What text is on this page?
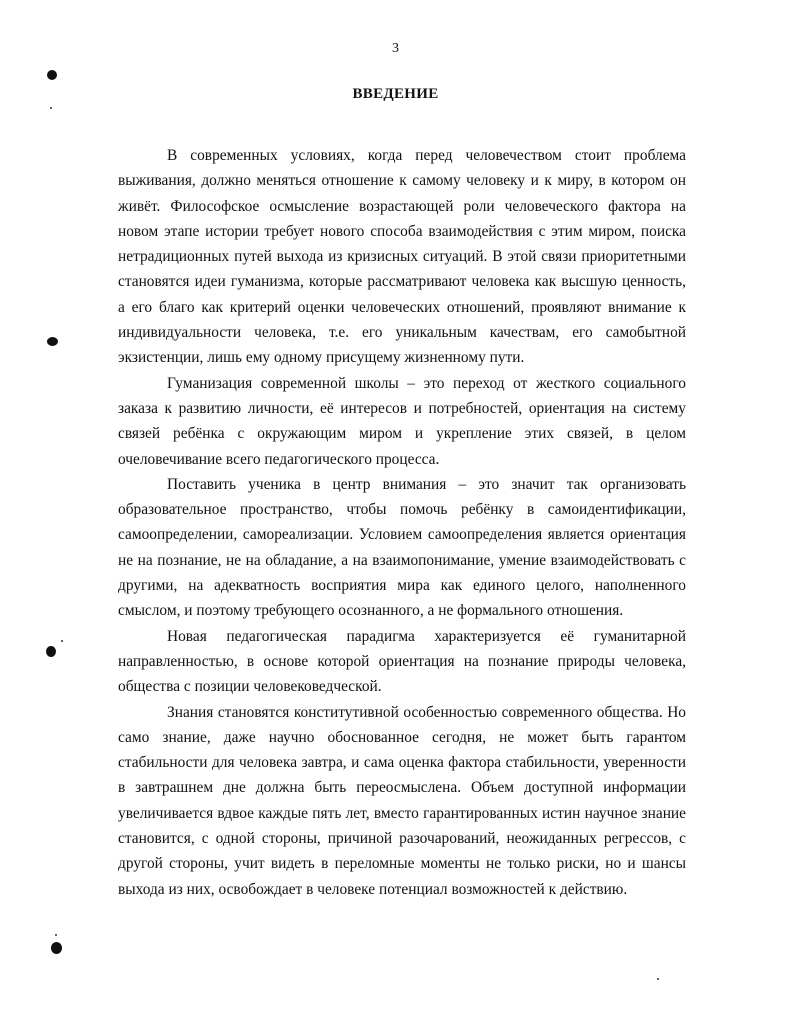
3
ВВЕДЕНИЕ

В современных условиях, когда перед человечеством стоит проблема выживания, должно меняться отношение к самому человеку и к миру, в котором он живёт. Философское осмысление возрастающей роли человеческого фактора на новом этапе истории требует нового способа взаимодействия с этим миром, поиска нетрадиционных путей выхода из кризисных ситуаций. В этой связи приоритетными становятся идеи гуманизма, которые рассматривают человека как высшую ценность, а его благо как критерий оценки человеческих отношений, проявляют внимание к индивидуальности человека, т.е. его уникальным качествам, его самобытной экзистенции, лишь ему одному присущему жизненному пути.

Гуманизация современной школы – это переход от жесткого социального заказа к развитию личности, её интересов и потребностей, ориентация на систему связей ребёнка с окружающим миром и укрепление этих связей, в целом очеловечивание всего педагогического процесса.

Поставить ученика в центр внимания – это значит так организовать образовательное пространство, чтобы помочь ребёнку в самоидентификации, самоопределении, самореализации. Условием самоопределения является ориентация не на познание, не на обладание, а на взаимопонимание, умение взаимодействовать с другими, на адекватность восприятия мира как единого целого, наполненного смыслом, и поэтому требующего осознанного, а не формального отношения.

Новая педагогическая парадигма характеризуется её гуманитарной направленностью, в основе которой ориентация на познание природы человека, общества с позиции человековедческой.

Знания становятся конститутивной особенностью современного общества. Но само знание, даже научно обоснованное сегодня, не может быть гарантом стабильности для человека завтра, и сама оценка фактора стабильности, уверенности в завтрашнем дне должна быть переосмыслена. Объем доступной информации увеличивается вдвое каждые пять лет, вместо гарантированных истин научное знание становится, с одной стороны, причиной разочарований, неожиданных регрессов, с другой стороны, учит видеть в переломные моменты не только риски, но и шансы выхода из них, освобождает в человеке потенциал возможностей к действию.
